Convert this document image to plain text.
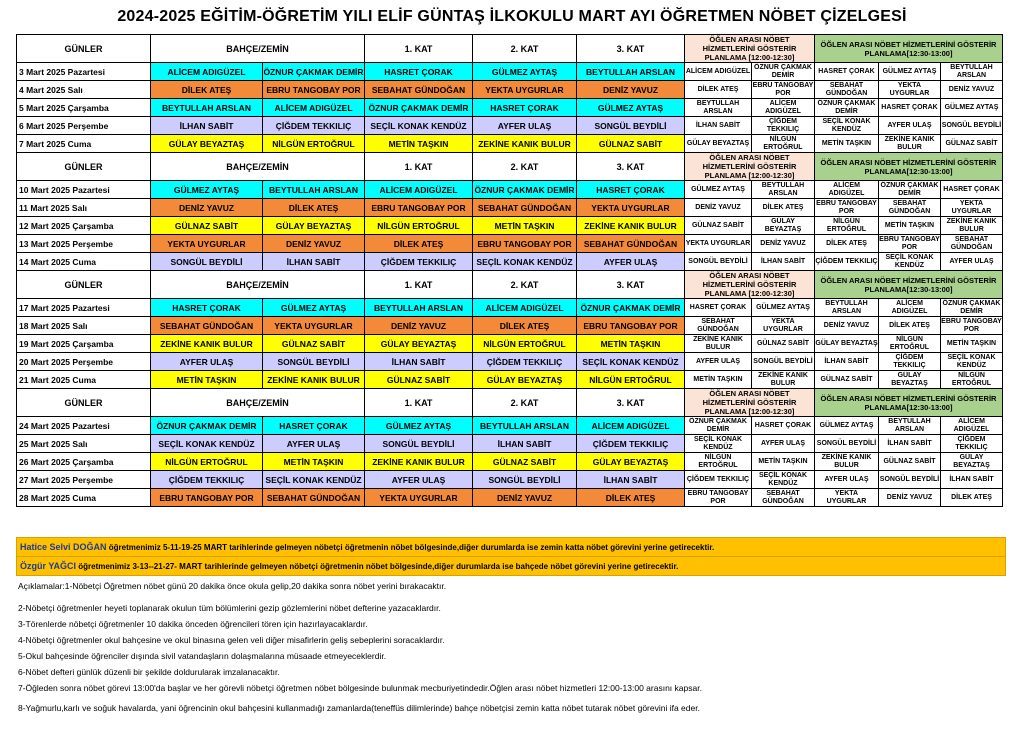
2024-2025 EĞİTİM-ÖĞRETİM YILI ELİF GÜNTAŞ İLKOKULU MART AYI ÖĞRETMEN NÖBET ÇİZELGESİ
GÜNLER	BAHÇE/ZEMİN		1. KAT	2. KAT	3. KAT	ÖĞLEN ARASI NÖBET HİZMETLERİNİ GÖSTERİR PLANLAMA [12:00-12:30]		ÖĞLEN ARASI NÖBET HİZMETLERİNİ GÖSTERİR PLANLAMA[12:30-13:00]		
3 Mart 2025 Pazartesi	ALİCEM ADIGÜZEL	ÖZNUR ÇAKMAK DEMİR	HASRET ÇORAK	GÜLMEZ AYTAŞ	BEYTULLAH ARSLAN	ALİCEM ADIGÜZEL	ÖZNUR ÇAKMAK DEMİR	HASRET ÇORAK	GÜLMEZ AYTAŞ	BEYTULLAH ARSLAN
4 Mart 2025 Salı	DİLEK ATEŞ	EBRU TANGOBAY POR	SEBAHAT GÜNDOĞAN	YEKTA UYGURLAR	DENİZ YAVUZ	DİLEK ATEŞ	EBRU TANGOBAY POR	SEBAHAT GÜNDOĞAN	YEKTA UYGURLAR	DENİZ YAVUZ
5 Mart 2025 Çarşamba	BEYTULLAH ARSLAN	ALİCEM ADIGÜZEL	ÖZNUR ÇAKMAK DEMİR	HASRET ÇORAK	GÜLMEZ AYTAŞ	BEYTULLAH ARSLAN	ALİCEM ADIGÜZEL	ÖZNUR ÇAKMAK DEMİR	HASRET ÇORAK	GÜLMEZ AYTAŞ
6 Mart 2025 Perşembe	İLHAN SABİT	ÇİĞDEM TEKKILIÇ	SEÇİL KONAK KENDÜZ	AYFER ULAŞ	SONGÜL BEYDİLİ	İLHAN SABİT	ÇİĞDEM TEKKILIÇ	SEÇİL KONAK KENDÜZ	AYFER ULAŞ	SONGÜL BEYDİLİ
7 Mart 2025 Cuma	GÜLAY BEYAZTAŞ	NİLGÜN ERTOĞRUL	METİN TAŞKIN	ZEKİNE KANIK BULUR	GÜLNAZ SABİT	GÜLAY BEYAZTAŞ	NİLGÜN ERTOĞRUL	METİN TAŞKIN	ZEKİNE KANIK BULUR	GÜLNAZ SABİT
GÜNLER	BAHÇE/ZEMİN		1. KAT	2. KAT	3. KAT	ÖĞLEN ARASI NÖBET HİZMETLERİNİ GÖSTERİR PLANLAMA [12:00-12:30]		ÖĞLEN ARASI NÖBET HİZMETLERİNİ GÖSTERİR PLANLAMA[12:30-13:00]		
10 Mart 2025 Pazartesi	GÜLMEZ AYTAŞ	BEYTULLAH ARSLAN	ALİCEM ADIGÜZEL	ÖZNUR ÇAKMAK DEMİR	HASRET ÇORAK	GÜLMEZ AYTAŞ	BEYTULLAH ARSLAN	ALİCEM ADIGÜZEL	ÖZNUR ÇAKMAK DEMİR	HASRET ÇORAK
11 Mart 2025 Salı	DENİZ YAVUZ	DİLEK ATEŞ	EBRU TANGOBAY POR	SEBAHAT GÜNDOĞAN	YEKTA UYGURLAR	DENİZ YAVUZ	DİLEK ATEŞ	EBRU TANGOBAY POR	SEBAHAT GÜNDOĞAN	YEKTA UYGURLAR
12 Mart 2025 Çarşamba	GÜLNAZ SABİT	GÜLAY BEYAZTAŞ	NİLGÜN ERTOĞRUL	METİN TAŞKIN	ZEKİNE KANIK BULUR	GÜLNAZ SABİT	GÜLAY BEYAZTAŞ	NİLGÜN ERTOĞRUL	METİN TAŞKIN	ZEKİNE KANIK BULUR
13 Mart 2025 Perşembe	YEKTA UYGURLAR	DENİZ YAVUZ	DİLEK ATEŞ	EBRU TANGOBAY POR	SEBAHAT GÜNDOĞAN	YEKTA UYGURLAR	DENİZ YAVUZ	DİLEK ATEŞ	EBRU TANGOBAY POR	SEBAHAT GÜNDOĞAN
14 Mart 2025 Cuma	SONGÜL BEYDİLİ	İLHAN SABİT	ÇİĞDEM TEKKILIÇ	SEÇİL KONAK KENDÜZ	AYFER ULAŞ	SONGÜL BEYDİLİ	İLHAN SABİT	ÇİĞDEM TEKKILIÇ	SEÇİL KONAK KENDÜZ	AYFER ULAŞ
GÜNLER	BAHÇE/ZEMİN		1. KAT	2. KAT	3. KAT	ÖĞLEN ARASI NÖBET HİZMETLERİNİ GÖSTERİR PLANLAMA [12:00-12:30]		ÖĞLEN ARASI NÖBET HİZMETLERİNİ GÖSTERİR PLANLAMA[12:30-13:00]		
17 Mart 2025 Pazartesi	HASRET ÇORAK	GÜLMEZ AYTAŞ	BEYTULLAH ARSLAN	ALİCEM ADIGÜZEL	ÖZNUR ÇAKMAK DEMİR	HASRET ÇORAK	GÜLMEZ AYTAŞ	BEYTULLAH ARSLAN	ALİCEM ADIGÜZEL	ÖZNUR ÇAKMAK DEMİR
18 Mart 2025 Salı	SEBAHAT GÜNDOĞAN	YEKTA UYGURLAR	DENİZ YAVUZ	DİLEK ATEŞ	EBRU TANGOBAY POR	SEBAHAT GÜNDOĞAN	YEKTA UYGURLAR	DENİZ YAVUZ	DİLEK ATEŞ	EBRU TANGOBAY POR
19 Mart 2025 Çarşamba	ZEKİNE KANIK BULUR	GÜLNAZ SABİT	GÜLAY BEYAZTAŞ	NİLGÜN ERTOĞRUL	METİN TAŞKIN	ZEKİNE KANIK BULUR	GÜLNAZ SABİT	GÜLAY BEYAZTAŞ	NİLGÜN ERTOĞRUL	METİN TAŞKIN
20 Mart 2025 Perşembe	AYFER ULAŞ	SONGÜL BEYDİLİ	İLHAN SABİT	ÇİĞDEM TEKKILIÇ	SEÇİL KONAK KENDÜZ	AYFER ULAŞ	SONGÜL BEYDİLİ	İLHAN SABİT	ÇİĞDEM TEKKILIÇ	SEÇİL KONAK KENDÜZ
21 Mart 2025 Cuma	METİN TAŞKIN	ZEKİNE KANIK BULUR	GÜLNAZ SABİT	GÜLAY BEYAZTAŞ	NİLGÜN ERTOĞRUL	METİN TAŞKIN	ZEKİNE KANIK BULUR	GÜLNAZ SABİT	GÜLAY BEYAZTAŞ	NİLGÜN ERTOĞRUL
GÜNLER	BAHÇE/ZEMİN		1. KAT	2. KAT	3. KAT	ÖĞLEN ARASI NÖBET HİZMETLERİNİ GÖSTERİR PLANLAMA [12:00-12:30]		ÖĞLEN ARASI NÖBET HİZMETLERİNİ GÖSTERİR PLANLAMA[12:30-13:00]		
24 Mart 2025 Pazartesi	ÖZNUR ÇAKMAK DEMİR	HASRET ÇORAK	GÜLMEZ AYTAŞ	BEYTULLAH ARSLAN	ALİCEM ADIGÜZEL	ÖZNUR ÇAKMAK DEMİR	HASRET ÇORAK	GÜLMEZ AYTAŞ	BEYTULLAH ARSLAN	ALİCEM ADIGÜZEL
25 Mart 2025 Salı	SEÇİL KONAK KENDÜZ	AYFER ULAŞ	SONGÜL BEYDİLİ	İLHAN SABİT	ÇİĞDEM TEKKILIÇ	SEÇİL KONAK KENDÜZ	AYFER ULAŞ	SONGÜL BEYDİLİ	İLHAN SABİT	ÇİĞDEM TEKKILIÇ
26 Mart 2025 Çarşamba	NİLGÜN ERTOĞRUL	METİN TAŞKIN	ZEKİNE KANIK BULUR	GÜLNAZ SABİT	GÜLAY BEYAZTAŞ	NİLGÜN ERTOĞRUL	METİN TAŞKIN	ZEKİNE KANIK BULUR	GÜLNAZ SABİT	GÜLAY BEYAZTAŞ
27 Mart 2025 Perşembe	ÇİĞDEM TEKKILIÇ	SEÇİL KONAK KENDÜZ	AYFER ULAŞ	SONGÜL BEYDİLİ	İLHAN SABİT	ÇİĞDEM TEKKILIÇ	SEÇİL KONAK KENDÜZ	AYFER ULAŞ	SONGÜL BEYDİLİ	İLHAN SABİT
28 Mart 2025 Cuma	EBRU TANGOBAY POR	SEBAHAT GÜNDOĞAN	YEKTA UYGURLAR	DENİZ YAVUZ	DİLEK ATEŞ	EBRU TANGOBAY POR	SEBAHAT GÜNDOĞAN	YEKTA UYGURLAR	DENİZ YAVUZ	DİLEK ATEŞ
Hatice Selvi DOĞAN öğretmenimiz 5-11-19-25 MART tarihlerinde gelmeyen nöbetçi öğretmenin nöbet bölgesinde,diğer durumlarda ise zemin katta nöbet görevini yerine getirecektir.
Özgür YAĞCI öğretmenimiz 3-13--21-27- MART tarihlerinde gelmeyen nöbetçi öğretmenin nöbet bölgesinde,diğer durumlarda ise bahçede nöbet görevini yerine getirecektir.
Açıklamalar:1-Nöbetçi Öğretmen nöbet günü 20 dakika önce okula gelip,20 dakika sonra nöbet yerini bırakacaktır.
2-Nöbetçi öğretmenler heyeti toplanarak okulun tüm bölümlerini gezip gözlemlerini nöbet defterine yazacaklardır.
3-Törenlerde nöbetçi öğretmenler 10 dakika önceden öğrencileri tören için hazırlayacaklardır.
4-Nöbetçi öğretmenler okul bahçesine ve okul binasına gelen veli diğer misafirlerin geliş sebeplerini soracaklardır.
5-Okul bahçesinde öğrenciler dışında sivil vatandaşların dolaşmalarına müsaade etmeyeceklerdir.
6-Nöbet defteri günlük düzenli bir şekilde doldurularak imzalanacaktır.
7-Öğleden sonra nöbet görevi 13:00'da başlar ve her görevli nöbetçi öğretmen nöbet bölgesinde bulunmak mecburiyetindedir.Öğlen arası nöbet hizmetleri 12:00-13:00 arasını kapsar.
8-Yağmurlu,karlı ve soğuk havalarda, yani öğrencinin okul bahçesini kullanmadığı zamanlarda(teneffüs dilimlerinde) bahçe nöbetçisi zemin katta nöbet tutarak nöbet görevini ifa eder.
